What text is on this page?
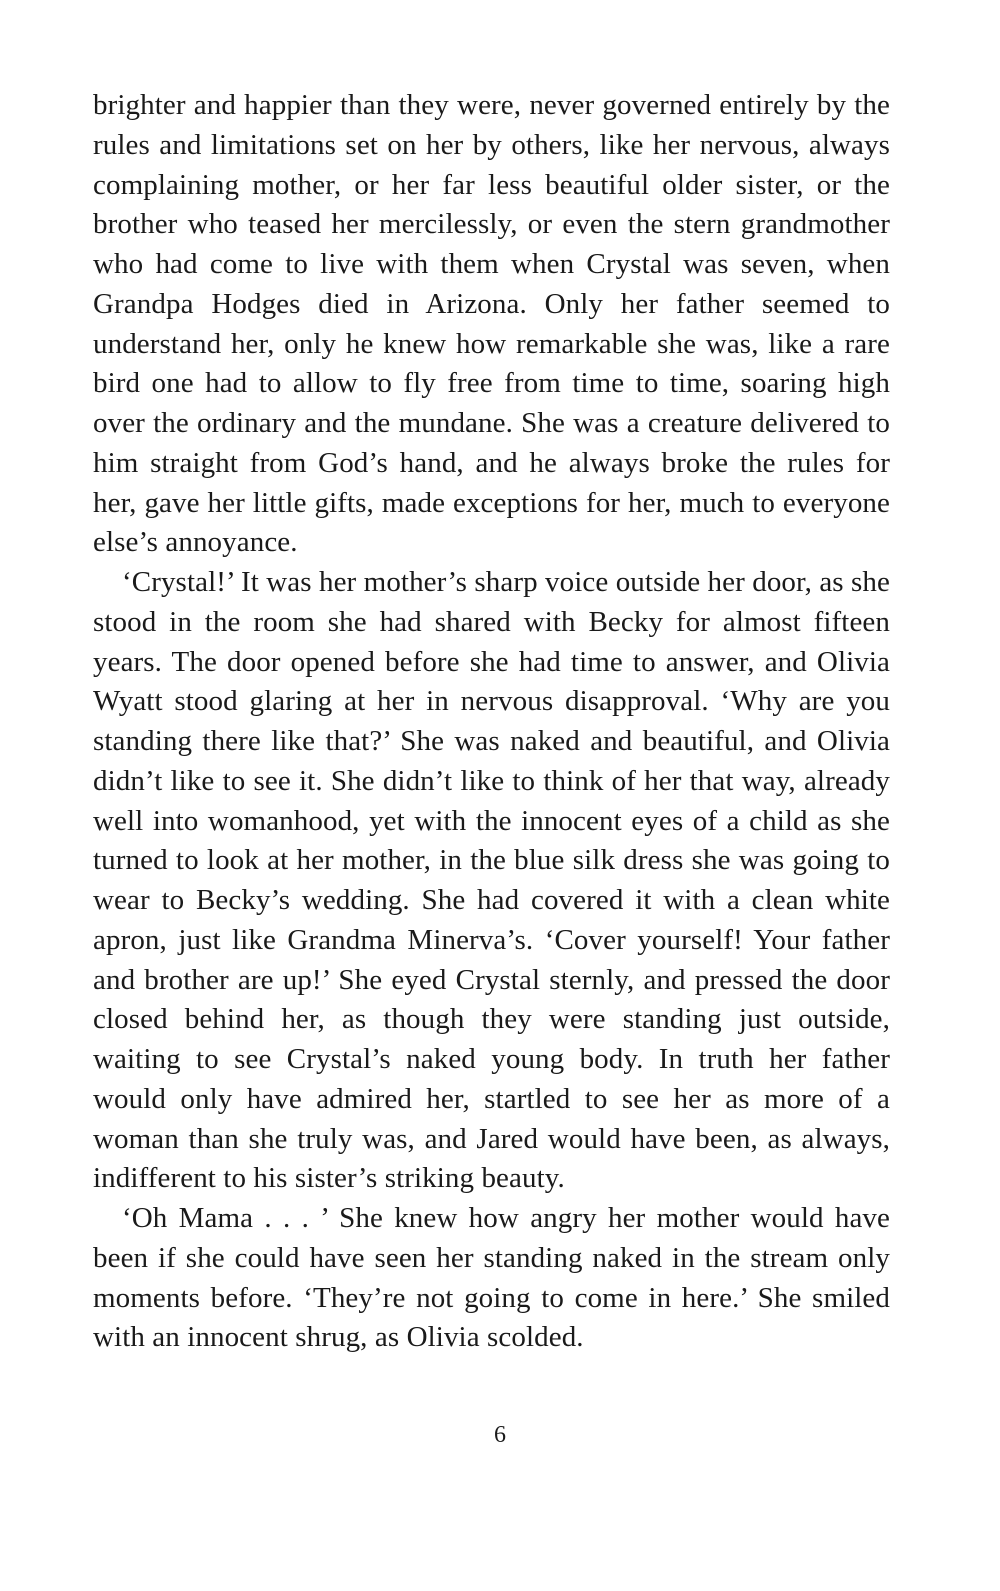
brighter and happier than they were, never governed entirely by the rules and limitations set on her by others, like her nervous, always complaining mother, or her far less beautiful older sister, or the brother who teased her mercilessly, or even the stern grandmother who had come to live with them when Crystal was seven, when Grandpa Hodges died in Arizona. Only her father seemed to understand her, only he knew how remarkable she was, like a rare bird one had to allow to fly free from time to time, soaring high over the ordinary and the mundane. She was a creature delivered to him straight from God’s hand, and he always broke the rules for her, gave her little gifts, made exceptions for her, much to everyone else’s annoyance.

‘Crystal!’ It was her mother’s sharp voice outside her door, as she stood in the room she had shared with Becky for almost fifteen years. The door opened before she had time to answer, and Olivia Wyatt stood glaring at her in nervous disapproval. ‘Why are you standing there like that?’ She was naked and beautiful, and Olivia didn’t like to see it. She didn’t like to think of her that way, already well into womanhood, yet with the innocent eyes of a child as she turned to look at her mother, in the blue silk dress she was going to wear to Becky’s wedding. She had covered it with a clean white apron, just like Grandma Minerva’s. ‘Cover yourself! Your father and brother are up!’ She eyed Crystal sternly, and pressed the door closed behind her, as though they were standing just outside, waiting to see Crystal’s naked young body. In truth her father would only have admired her, startled to see her as more of a woman than she truly was, and Jared would have been, as always, indifferent to his sister’s striking beauty.

‘Oh Mama . . . ’ She knew how angry her mother would have been if she could have seen her standing naked in the stream only moments before. ‘They’re not going to come in here.’ She smiled with an innocent shrug, as Olivia scolded.

6
